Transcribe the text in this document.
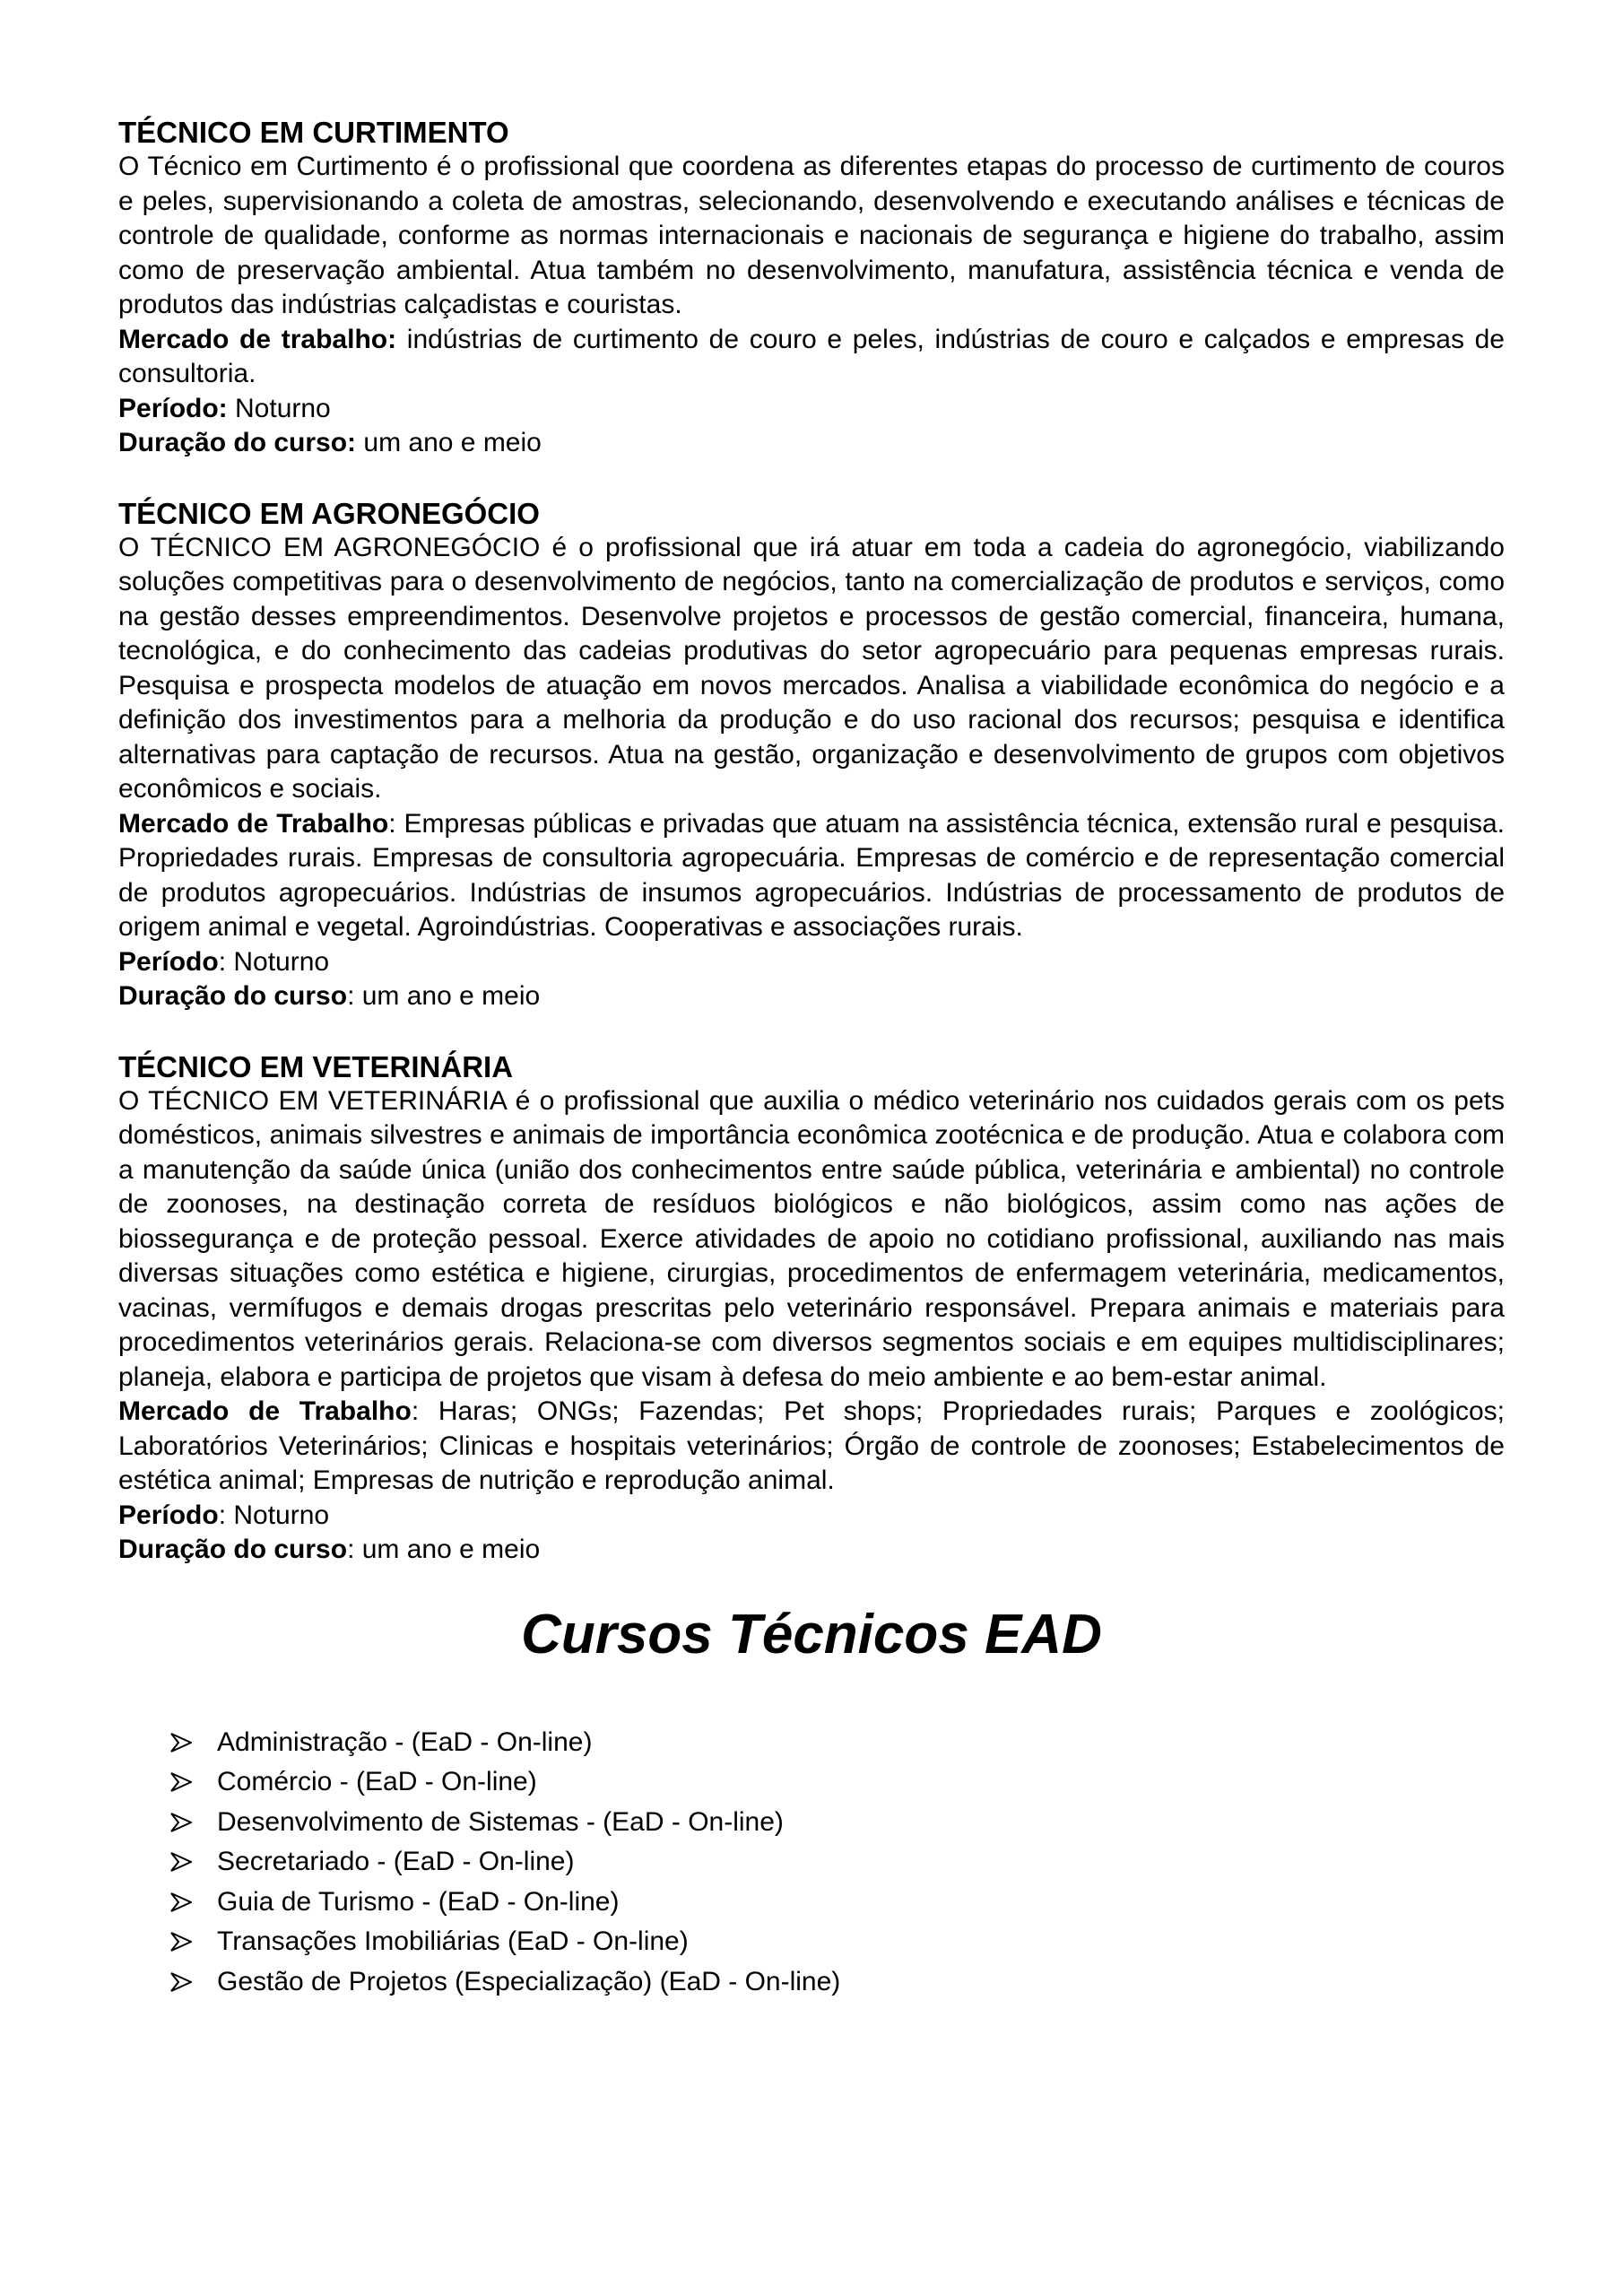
TÉCNICO EM CURTIMENTO

O Técnico em Curtimento é o profissional que coordena as diferentes etapas do processo de curtimento de couros e peles, supervisionando a coleta de amostras, selecionando, desenvolvendo e executando análises e técnicas de controle de qualidade, conforme as normas internacionais e nacionais de segurança e higiene do trabalho, assim como de preservação ambiental. Atua também no desenvolvimento, manufatura, assistência técnica e venda de produtos das indústrias calçadistas e couristas.

Mercado de trabalho: indústrias de curtimento de couro e peles, indústrias de couro e calçados e empresas de consultoria.

Período: Noturno

Duração do curso: um ano e meio

TÉCNICO EM AGRONEGÓCIO

O TÉCNICO EM AGRONEGÓCIO é o profissional que irá atuar em toda a cadeia do agronegócio, viabilizando soluções competitivas para o desenvolvimento de negócios, tanto na comercialização de produtos e serviços, como na gestão desses empreendimentos. Desenvolve projetos e processos de gestão comercial, financeira, humana, tecnológica, e do conhecimento das cadeias produtivas do setor agropecuário para pequenas empresas rurais. Pesquisa e prospecta modelos de atuação em novos mercados. Analisa a viabilidade econômica do negócio e a definição dos investimentos para a melhoria da produção e do uso racional dos recursos; pesquisa e identifica alternativas para captação de recursos. Atua na gestão, organização e desenvolvimento de grupos com objetivos econômicos e sociais.

Mercado de Trabalho: Empresas públicas e privadas que atuam na assistência técnica, extensão rural e pesquisa. Propriedades rurais. Empresas de consultoria agropecuária. Empresas de comércio e de representação comercial de produtos agropecuários. Indústrias de insumos agropecuários. Indústrias de processamento de produtos de origem animal e vegetal. Agroindústrias. Cooperativas e associações rurais.

Período: Noturno

Duração do curso: um ano e meio

TÉCNICO EM VETERINÁRIA

O TÉCNICO EM VETERINÁRIA é o profissional que auxilia o médico veterinário nos cuidados gerais com os pets domésticos, animais silvestres e animais de importância econômica zootécnica e de produção. Atua e colabora com a manutenção da saúde única (união dos conhecimentos entre saúde pública, veterinária e ambiental) no controle de zoonoses, na destinação correta de resíduos biológicos e não biológicos, assim como nas ações de biossegurança e de proteção pessoal. Exerce atividades de apoio no cotidiano profissional, auxiliando nas mais diversas situações como estética e higiene, cirurgias, procedimentos de enfermagem veterinária, medicamentos, vacinas, vermífugos e demais drogas prescritas pelo veterinário responsável. Prepara animais e materiais para procedimentos veterinários gerais. Relaciona-se com diversos segmentos sociais e em equipes multidisciplinares; planeja, elabora e participa de projetos que visam à defesa do meio ambiente e ao bem-estar animal.

Mercado de Trabalho: Haras; ONGs; Fazendas; Pet shops; Propriedades rurais; Parques e zoológicos; Laboratórios Veterinários; Clinicas e hospitais veterinários; Órgão de controle de zoonoses; Estabelecimentos de estética animal; Empresas de nutrição e reprodução animal.

Período: Noturno

Duração do curso: um ano e meio

Cursos Técnicos EAD
Administração - (EaD - On-line)
Comércio - (EaD - On-line)
Desenvolvimento de Sistemas - (EaD - On-line)
Secretariado - (EaD - On-line)
Guia de Turismo - (EaD - On-line)
Transações Imobiliárias (EaD - On-line)
Gestão de Projetos (Especialização) (EaD - On-line)
